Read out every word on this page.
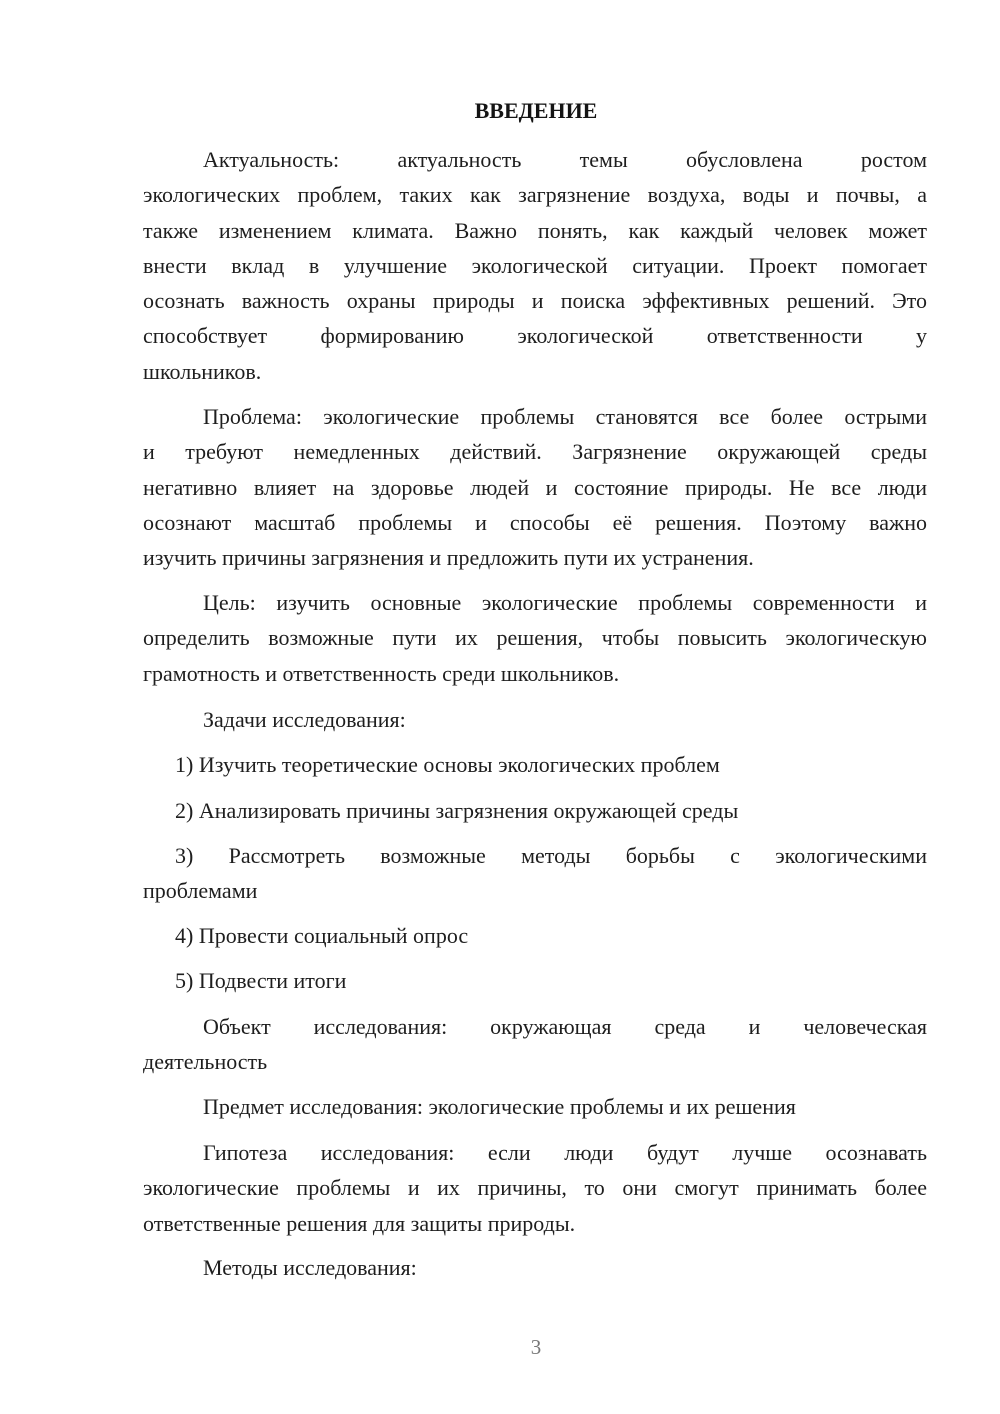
ВВЕДЕНИЕ
Актуальность: актуальность темы обусловлена ростом
экологических проблем, таких как загрязнение воздуха, воды и почвы, а
также изменением климата. Важно понять, как каждый человек может
внести вклад в улучшение экологической ситуации. Проект помогает
осознать важность охраны природы и поиска эффективных решений. Это
способствует формированию экологической ответственности у
школьников.
Проблема: экологические проблемы становятся все более острыми
и требуют немедленных действий. Загрязнение окружающей среды
негативно влияет на здоровье людей и состояние природы. Не все люди
осознают масштаб проблемы и способы её решения. Поэтому важно
изучить причины загрязнения и предложить пути их устранения.
Цель: изучить основные экологические проблемы современности и
определить возможные пути их решения, чтобы повысить экологическую
грамотность и ответственность среди школьников.
Задачи исследования:
1) Изучить теоретические основы экологических проблем
2) Анализировать причины загрязнения окружающей среды
3) Рассмотреть возможные методы борьбы с экологическими
проблемами
4) Провести социальный опрос
5) Подвести итоги
Объект исследования: окружающая среда и человеческая
деятельность
Предмет исследования: экологические проблемы и их решения
Гипотеза исследования: если люди будут лучше осознавать
экологические проблемы и их причины, то они смогут принимать более
ответственные решения для защиты природы.
Методы исследования:
3
